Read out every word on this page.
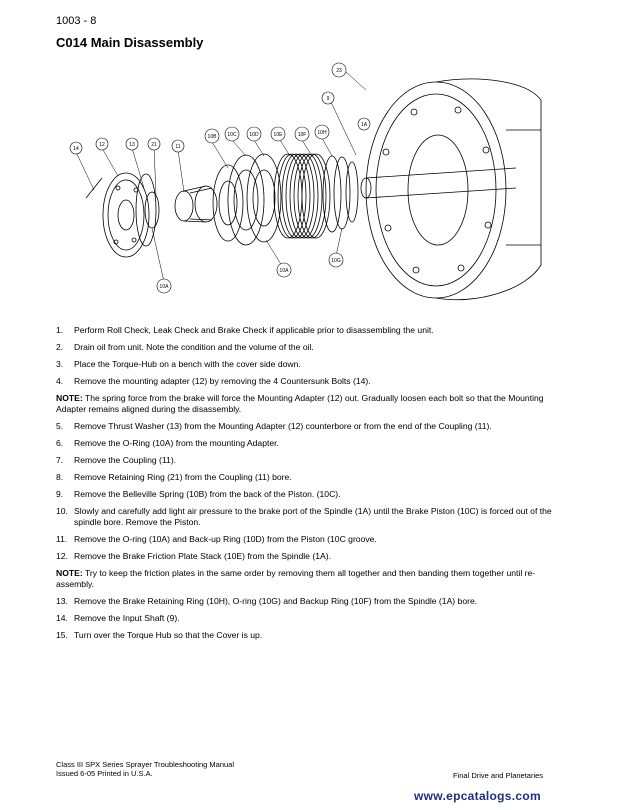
1003 - 8
C014 Main Disassembly
23
9
14
12	13	21	11
10B 10C	10D	10E	10F 10H
1A
10A
10A
10G
1.	Perform Roll Check, Leak Check and Brake Check if applicable prior to disassembling the unit.
2.	Drain oil from unit. Note the condition and the volume of the oil.
3.	Place the Torque-Hub on a bench with the cover side down.
4.	Remove the mounting adapter (12) by removing the 4 Countersunk Bolts (14).
NOTE: The spring force from the brake will force the Mounting Adapter (12) out. Gradually loosen each bolt so that the Mounting Adapter remains aligned during the disassembly.
5.	Remove Thrust Washer (13) from the Mounting Adapter (12) counterbore or from the end of the Coupling (11).
6.	Remove the O-Ring (10A) from the mounting Adapter.
7.	Remove the Coupling (11).
8.	Remove Retaining Ring (21) from the Coupling (11) bore.
9.	Remove the Belleville Spring (10B) from the back of the Piston. (10C).
10. Slowly and carefully add light air pressure to the brake port of the Spindle (1A) until the Brake Piston (10C) is forced out of the spindle bore. Remove the Piston.
11. Remove the O-ring (10A) and Back-up Ring (10D) from the Piston (10C groove.
12. Remove the Brake Friction Plate Stack (10E) from the Spindle (1A).
NOTE: Try to keep the friction plates in the same order by removing them all together and then banding them together until re-assembly.
13. Remove the Brake Retaining Ring (10H), O-ring (10G) and Backup Ring (10F) from the Spindle (1A) bore.
14. Remove the Input Shaft (9).
15. Turn over the Torque Hub so that the Cover is up.
Class III SPX Series Sprayer Troubleshooting Manual
Issued 6-05 Printed in U.S.A.	Final Drive and Planetaries
www.epcatalogs.com
